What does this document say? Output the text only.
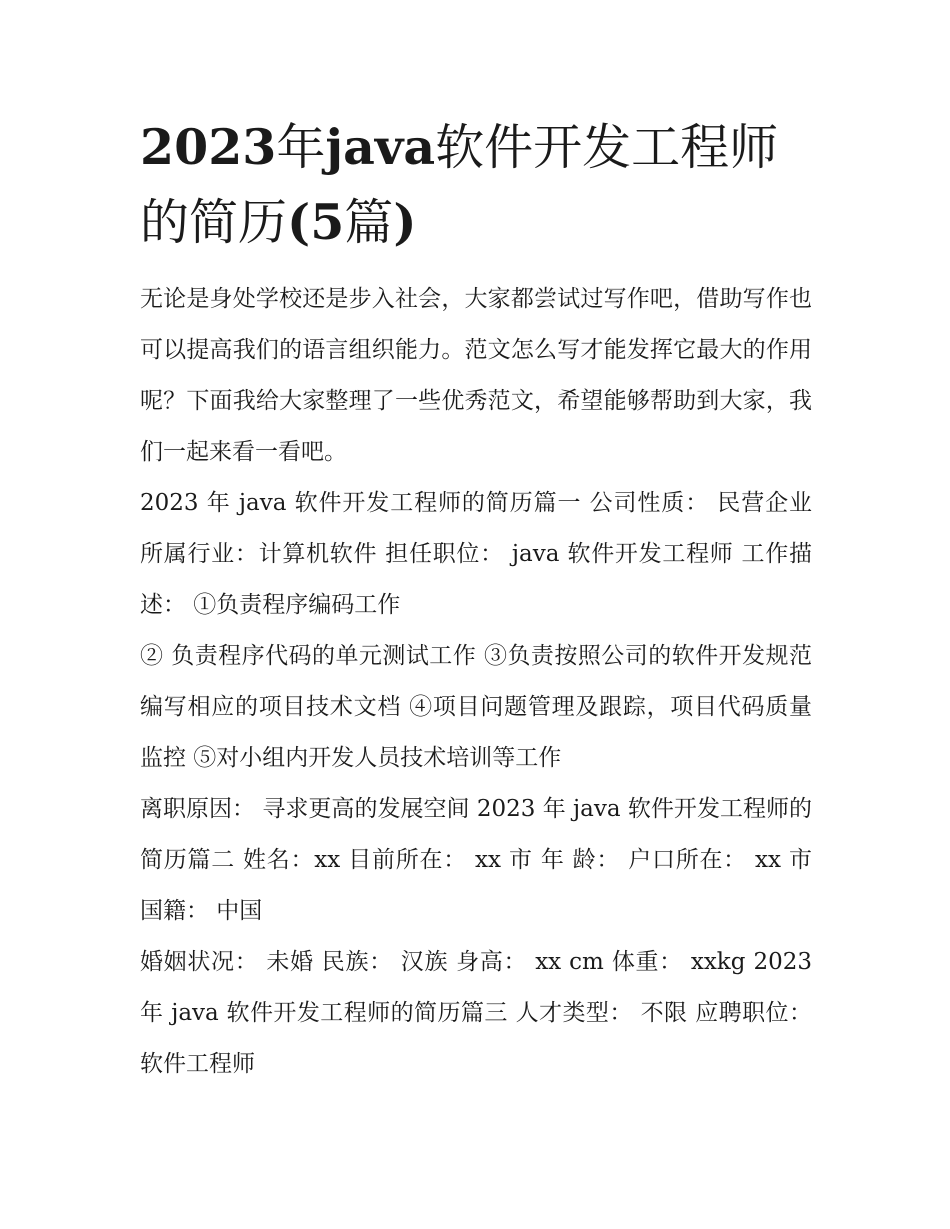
2023年java软件开发工程师的简历(5篇)

无论是身处学校还是步入社会，大家都尝试过写作吧，借助写作也可以提高我们的语言组织能力。范文怎么写才能发挥它最大的作用呢？下面我给大家整理了一些优秀范文，希望能够帮助到大家，我们一起来看一看吧。

2023 年 java 软件开发工程师的简历篇一 公司性质： 民营企业 所属行业：计算机软件 担任职位： java 软件开发工程师 工作描述： ①负责程序编码工作

② 负责程序代码的单元测试工作 ③负责按照公司的软件开发规范编写相应的项目技术文档 ④项目问题管理及跟踪，项目代码质量监控 ⑤对小组内开发人员技术培训等工作

离职原因： 寻求更高的发展空间 2023 年 java 软件开发工程师的简历篇二 姓名：xx 目前所在： xx 市 年 龄： 户口所在： xx 市 国籍： 中国

婚姻状况： 未婚 民族： 汉族 身高： xx cm 体重： xxkg 2023 年 java 软件开发工程师的简历篇三 人才类型： 不限 应聘职位： 软件工程师
